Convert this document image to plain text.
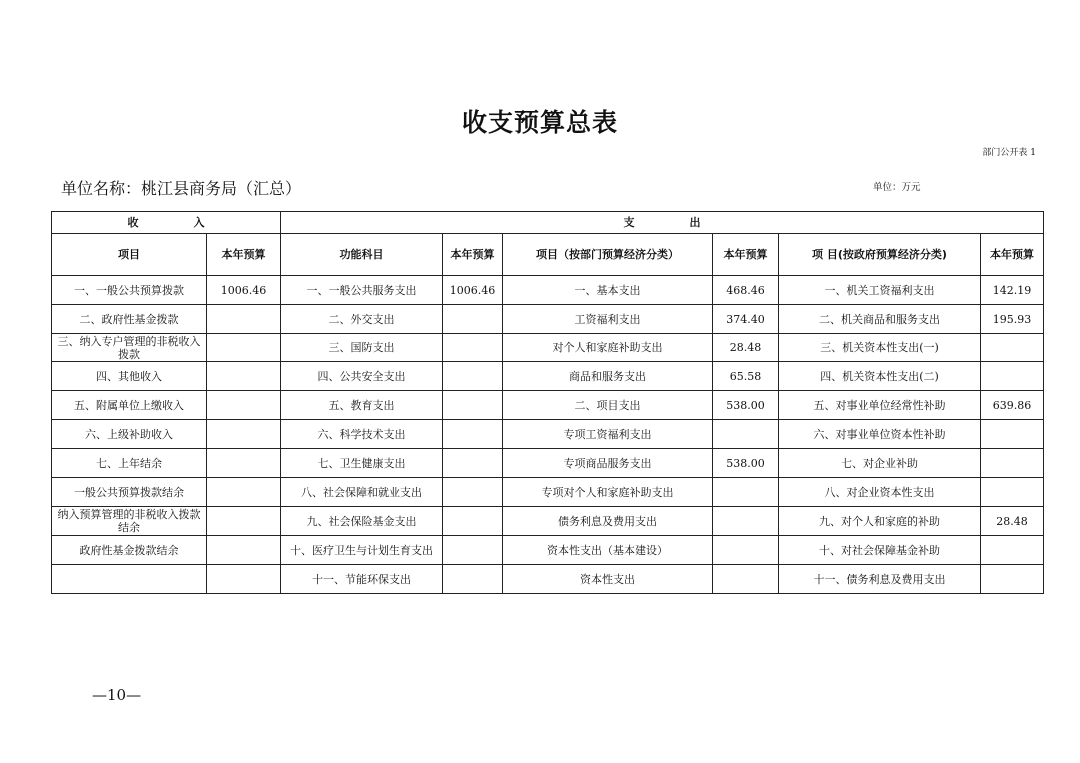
收支预算总表
部门公开表 1
单位名称：桃江县商务局（汇总）	单位：万元
收　　　　　入		支　　　　　出					
项目	本年预算	功能科目	本年预算	项目（按部门预算经济分类）	本年预算	项 目(按政府预算经济分类)	本年预算
一、一般公共预算拨款	1006.46	一、一般公共服务支出	1006.46	一、基本支出	468.46	一、机关工资福利支出	142.19
二、政府性基金拨款		二、外交支出		工资福利支出	374.40	二、机关商品和服务支出	195.93
三、纳入专户管理的非税收入拨款		三、国防支出		对个人和家庭补助支出	28.48	三、机关资本性支出(一)	
四、其他收入		四、公共安全支出		商品和服务支出	65.58	四、机关资本性支出(二)	
五、附属单位上缴收入		五、教育支出		二、项目支出	538.00	五、对事业单位经常性补助	639.86
六、上级补助收入		六、科学技术支出		专项工资福利支出		六、对事业单位资本性补助	
七、上年结余		七、卫生健康支出		专项商品服务支出	538.00	七、对企业补助	
一般公共预算拨款结余		八、社会保障和就业支出		专项对个人和家庭补助支出		八、对企业资本性支出	
纳入预算管理的非税收入拨款结余		九、社会保险基金支出		债务利息及费用支出		九、对个人和家庭的补助	28.48
政府性基金拨款结余		十、医疗卫生与计划生育支出		资本性支出（基本建设）		十、对社会保障基金补助	
		十一、节能环保支出		资本性支出		十一、债务利息及费用支出	
—10—
